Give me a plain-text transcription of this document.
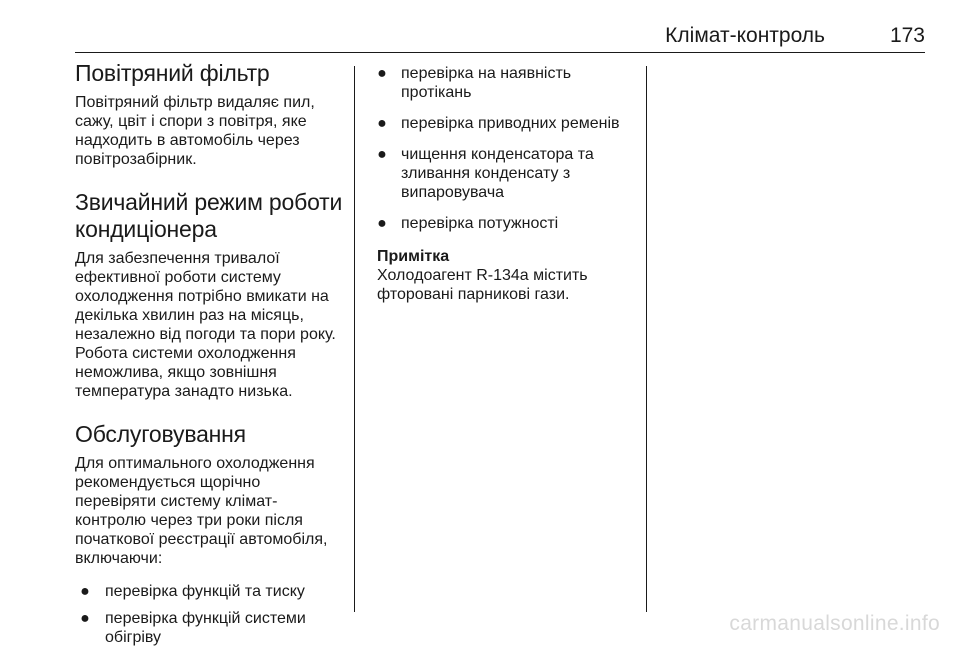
Клімат-контроль	173
Повітряний фільтр

Повітряний фільтр видаляє пил, сажу, цвіт і спори з повітря, яке надходить в автомобіль через повітрозабірник.

Звичайний режим роботи кондиціонера

Для забезпечення тривалої ефективної роботи систему охолодження потрібно вмикати на декілька хвилин раз на місяць, незалежно від погоди та пори року. Робота системи охолодження неможлива, якщо зовнішня температура занадто низька.

Обслуговування

Для оптимального охолодження рекомендується щорічно перевіряти систему клімат-контролю через три роки після початкової реєстрації автомобіля, включаючи:

● перевірка функцій та тиску
● перевірка функцій системи обігріву
● перевірка на наявність протікань
● перевірка приводних ременів
● чищення конденсатора та зливання конденсату з випаровувача
● перевірка потужності
Примітка
Холодоагент R-134a містить фторовані парникові гази.
carmanualsonline.info
